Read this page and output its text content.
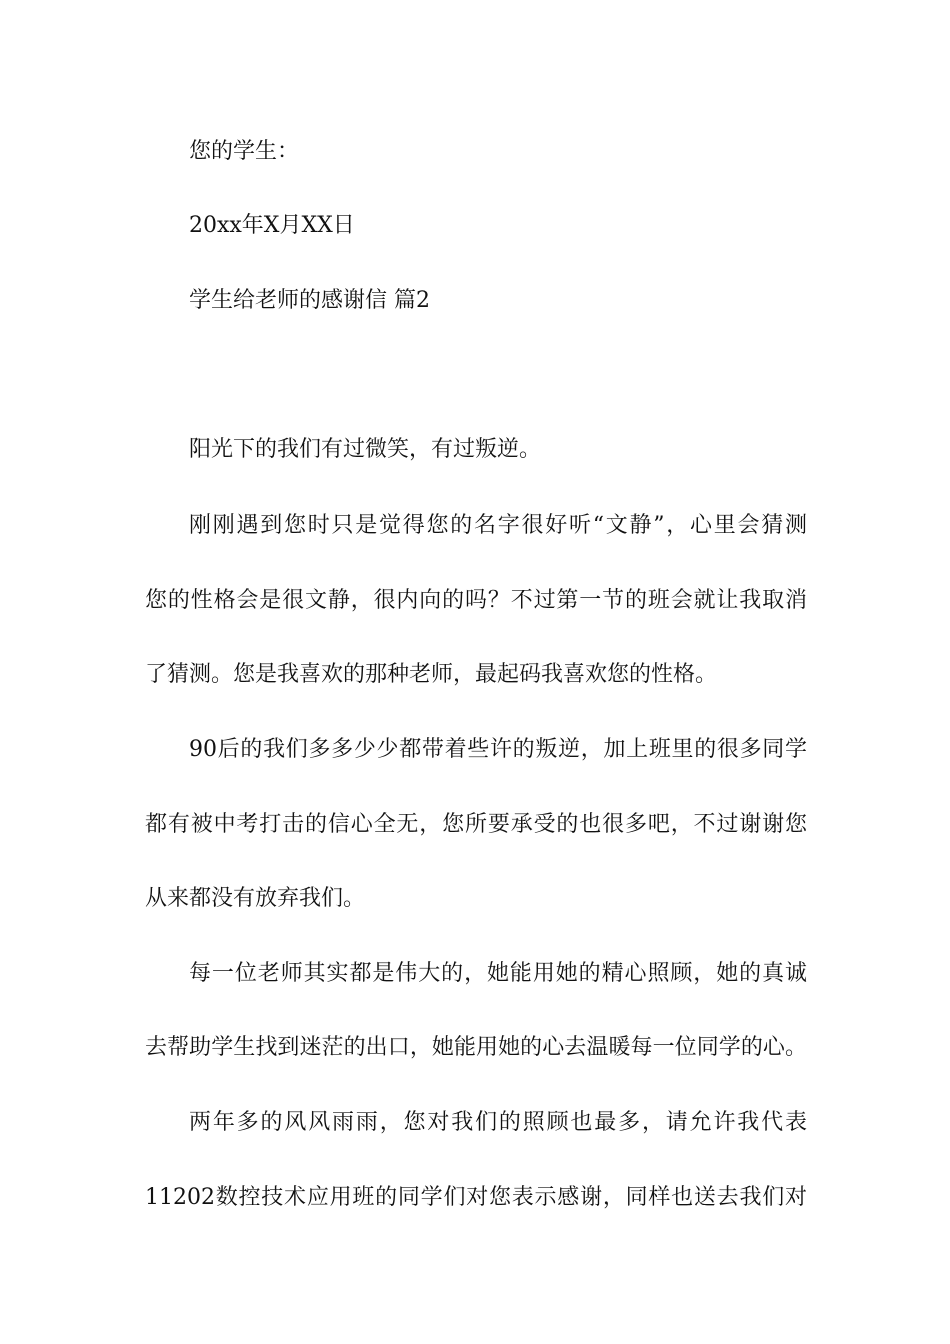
您的学生：
20xx年X月XX日
学生给老师的感谢信 篇2
阳光下的我们有过微笑，有过叛逆。
刚刚遇到您时只是觉得您的名字很好听“文静”，心里会猜测
您的性格会是很文静，很内向的吗？不过第一节的班会就让我取消
了猜测。您是我喜欢的那种老师，最起码我喜欢您的性格。
90后的我们多多少少都带着些许的叛逆，加上班里的很多同学
都有被中考打击的信心全无，您所要承受的也很多吧，不过谢谢您
从来都没有放弃我们。
每一位老师其实都是伟大的，她能用她的精心照顾，她的真诚
去帮助学生找到迷茫的出口，她能用她的心去温暖每一位同学的心。
两年多的风风雨雨，您对我们的照顾也最多，请允许我代表
11202数控技术应用班的同学们对您表示感谢，同样也送去我们对
